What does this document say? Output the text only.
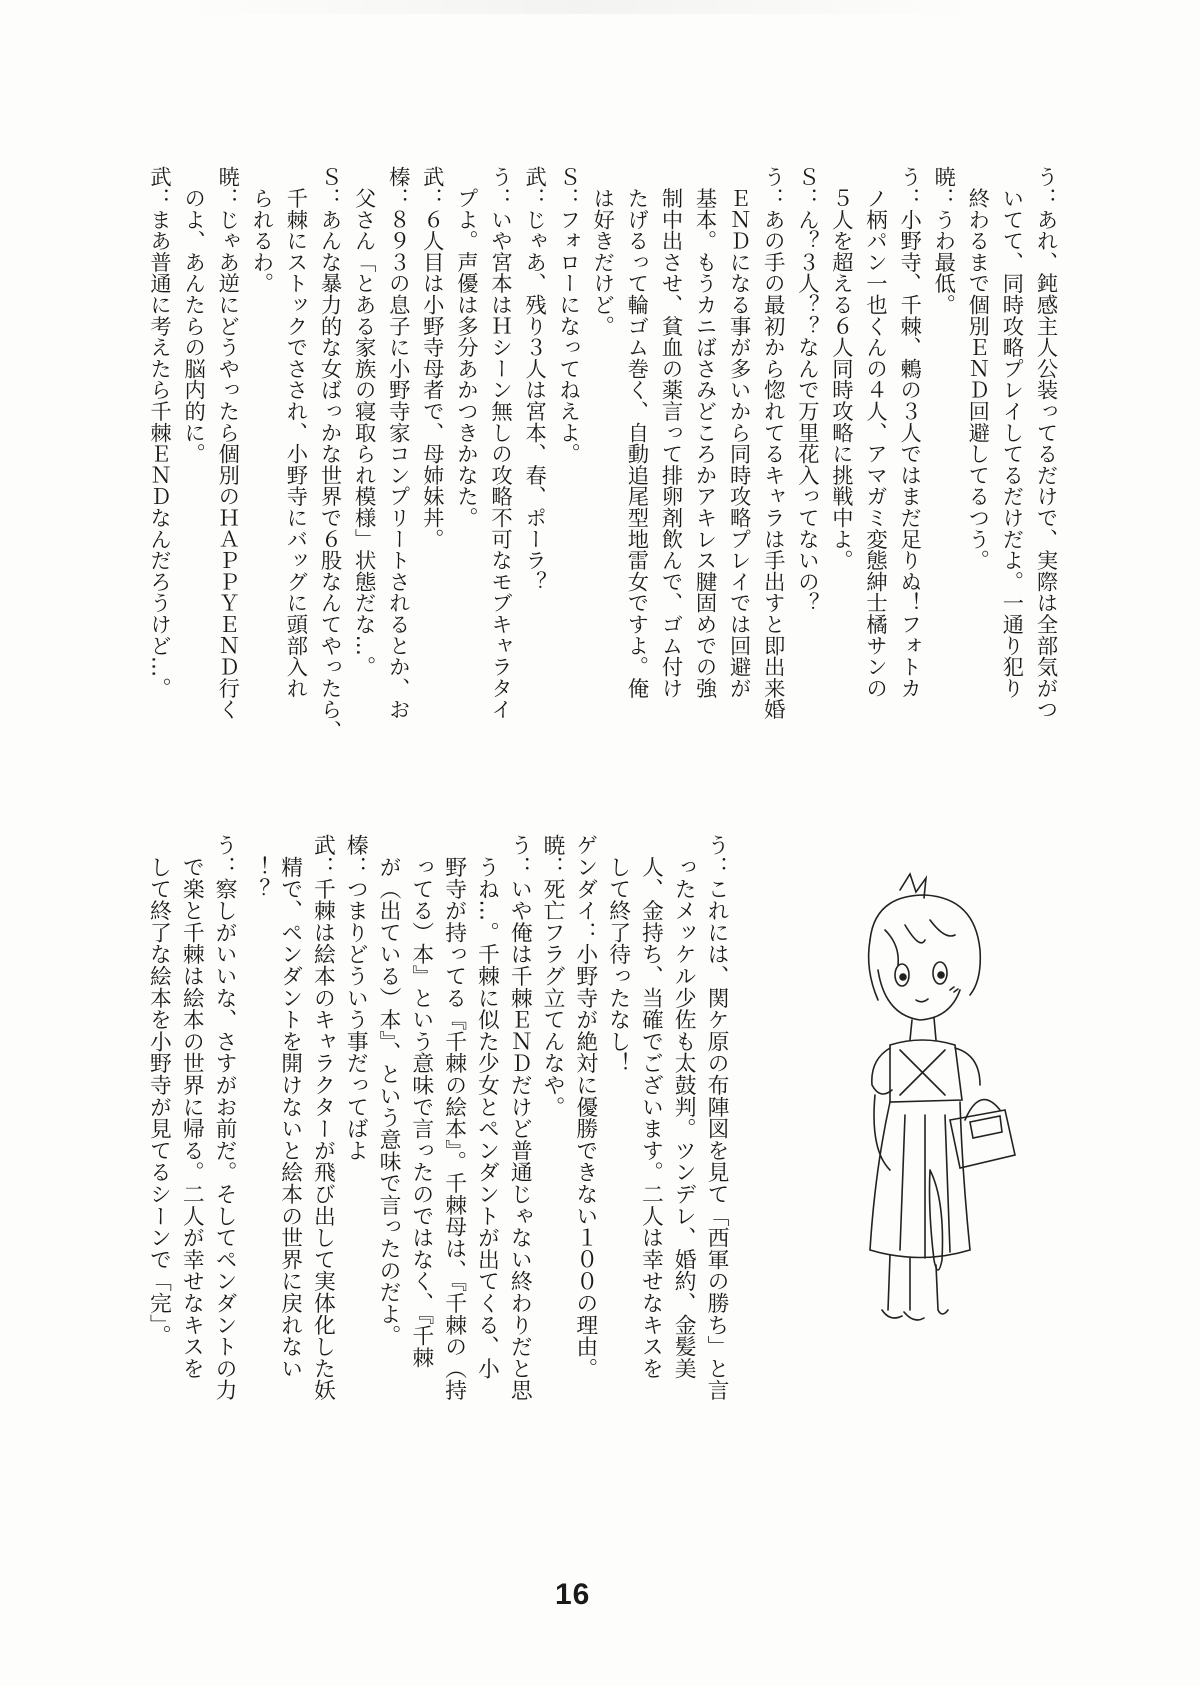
う：あれ、鈍感主人公装ってるだけで、実際は全部気がつ
　いてて、同時攻略プレイしてるだけだよ。一通り犯り
　終わるまで個別ＥＮＤ回避してるつう。
暁：うわ最低。
う：小野寺、千棘、鶫の３人ではまだ足りぬ！フォトカ
　ノ柄パン一也くんの４人、アマガミ変態紳士橘サンの
　５人を超える６人同時攻略に挑戦中よ。
Ｓ：ん？３人？？なんで万里花入ってないの？
う：あの手の最初から惚れてるキャラは手出すと即出来婚
　ＥＮＤになる事が多いから同時攻略プレイでは回避が
　基本。もうカニばさみどころかアキレス腱固めでの強
　制中出させ、貧血の薬言って排卵剤飲んで、ゴム付け
　たげるって輪ゴム巻く、自動追尾型地雷女ですよ。俺
　は好きだけど。
Ｓ：フォローになってねえよ。
武：じゃあ、残り３人は宮本、春、ポーラ？
う：いや宮本はＨシーン無しの攻略不可なモブキャラタイ
　プよ。声優は多分あかつきかなた。
武：６人目は小野寺母者で、母姉妹丼。
榛：８９３の息子に小野寺家コンプリートされるとか、お
　父さん「とある家族の寝取られ模様」状態だな…。
Ｓ：あんな暴力的な女ばっかな世界で６股なんてやったら、
　千棘にストックでさされ、小野寺にバッグに頭部入れ
　られるわ。
暁：じゃあ逆にどうやったら個別のＨＡＰＰＹＥＮＤ行く
　のよ、あんたらの脳内的に。
武：まあ普通に考えたら千棘ＥＮＤなんだろうけど…。
う：これには、関ケ原の布陣図を見て「西軍の勝ち」と言
　ったメッケル少佐も太鼓判。ツンデレ、婚約、金髪美
　人、金持ち、当確でございます。二人は幸せなキスを
　して終了待ったなし！
ゲンダイ：小野寺が絶対に優勝できない１００の理由。
暁：死亡フラグ立てんなや。
う：いや俺は千棘ＥＮＤだけど普通じゃない終わりだと思
　うね…。千棘に似た少女とペンダントが出てくる、小
　野寺が持ってる『千棘の絵本』。千棘母は、『千棘の（持
　ってる）本』という意味で言ったのではなく、『千棘
　が（出ている）本』、という意味で言ったのだよ。
榛：つまりどういう事だってばよ
武：千棘は絵本のキャラクターが飛び出して実体化した妖
　精で、ペンダントを開けないと絵本の世界に戻れない
　！？
う：察しがいいな、さすがお前だ。そしてペンダントの力
　で楽と千棘は絵本の世界に帰る。二人が幸せなキスを
　して終了な絵本を小野寺が見てるシーンで「完」。
16
